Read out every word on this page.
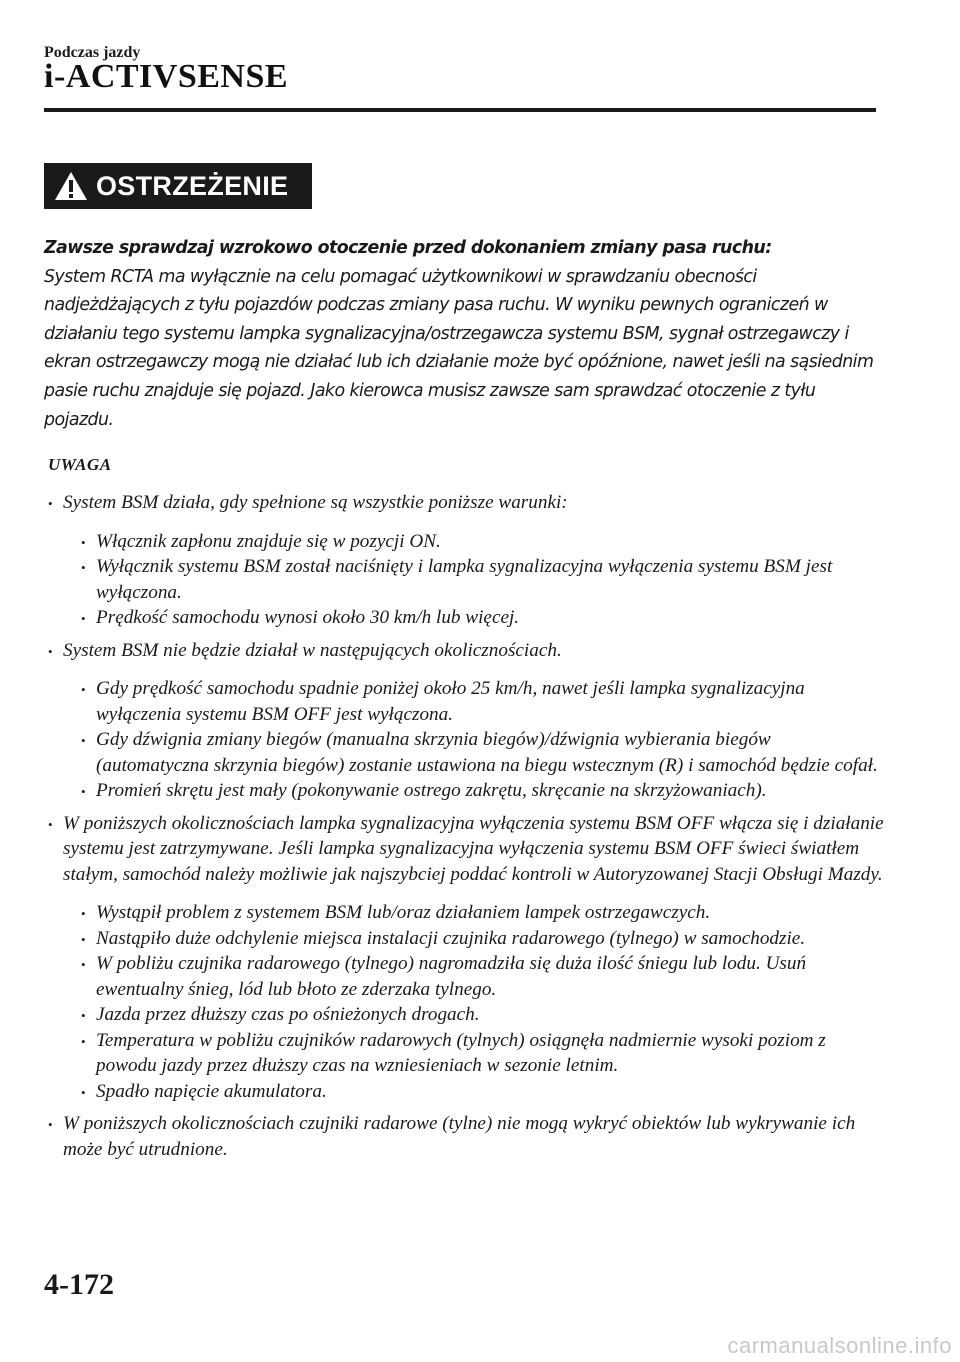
Podczas jazdy
i-ACTIVSENSE
OSTRZEŻENIE
Zawsze sprawdzaj wzrokowo otoczenie przed dokonaniem zmiany pasa ruchu:
System RCTA ma wyłącznie na celu pomagać użytkownikowi w sprawdzaniu obecności nadjeżdżających z tyłu pojazdów podczas zmiany pasa ruchu. W wyniku pewnych ograniczeń w działaniu tego systemu lampka sygnalizacyjna/ostrzegawcza systemu BSM, sygnał ostrzegawczy i ekran ostrzegawczy mogą nie działać lub ich działanie może być opóźnione, nawet jeśli na sąsiednim pasie ruchu znajduje się pojazd. Jako kierowca musisz zawsze sam sprawdzać otoczenie z tyłu pojazdu.
UWAGA
• System BSM działa, gdy spełnione są wszystkie poniższe warunki:
• Włącznik zapłonu znajduje się w pozycji ON.
• Wyłącznik systemu BSM został naciśnięty i lampka sygnalizacyjna wyłączenia systemu BSM jest wyłączona.
• Prędkość samochodu wynosi około 30 km/h lub więcej.
• System BSM nie będzie działał w następujących okolicznościach.
• Gdy prędkość samochodu spadnie poniżej około 25 km/h, nawet jeśli lampka sygnalizacyjna wyłączenia systemu BSM OFF jest wyłączona.
• Gdy dźwignia zmiany biegów (manualna skrzynia biegów)/dźwignia wybierania biegów (automatyczna skrzynia biegów) zostanie ustawiona na biegu wstecznym (R) i samochód będzie cofał.
• Promień skrętu jest mały (pokonywanie ostrego zakrętu, skręcanie na skrzyżowaniach).
• W poniższych okolicznościach lampka sygnalizacyjna wyłączenia systemu BSM OFF włącza się i działanie systemu jest zatrzymywane. Jeśli lampka sygnalizacyjna wyłączenia systemu BSM OFF świeci światłem stałym, samochód należy możliwie jak najszybciej poddać kontroli w Autoryzowanej Stacji Obsługi Mazdy.
• Wystąpił problem z systemem BSM lub/oraz działaniem lampek ostrzegawczych.
• Nastąpiło duże odchylenie miejsca instalacji czujnika radarowego (tylnego) w samochodzie.
• W pobliżu czujnika radarowego (tylnego) nagromadziła się duża ilość śniegu lub lodu. Usuń ewentualny śnieg, lód lub błoto ze zderzaka tylnego.
• Jazda przez dłuższy czas po ośnieżonych drogach.
• Temperatura w pobliżu czujników radarowych (tylnych) osiągnęła nadmiernie wysoki poziom z powodu jazdy przez dłuższy czas na wzniesieniach w sezonie letnim.
• Spadło napięcie akumulatora.
• W poniższych okolicznościach czujniki radarowe (tylne) nie mogą wykryć obiektów lub wykrywanie ich może być utrudnione.
4-172
carmanualsonline.info
